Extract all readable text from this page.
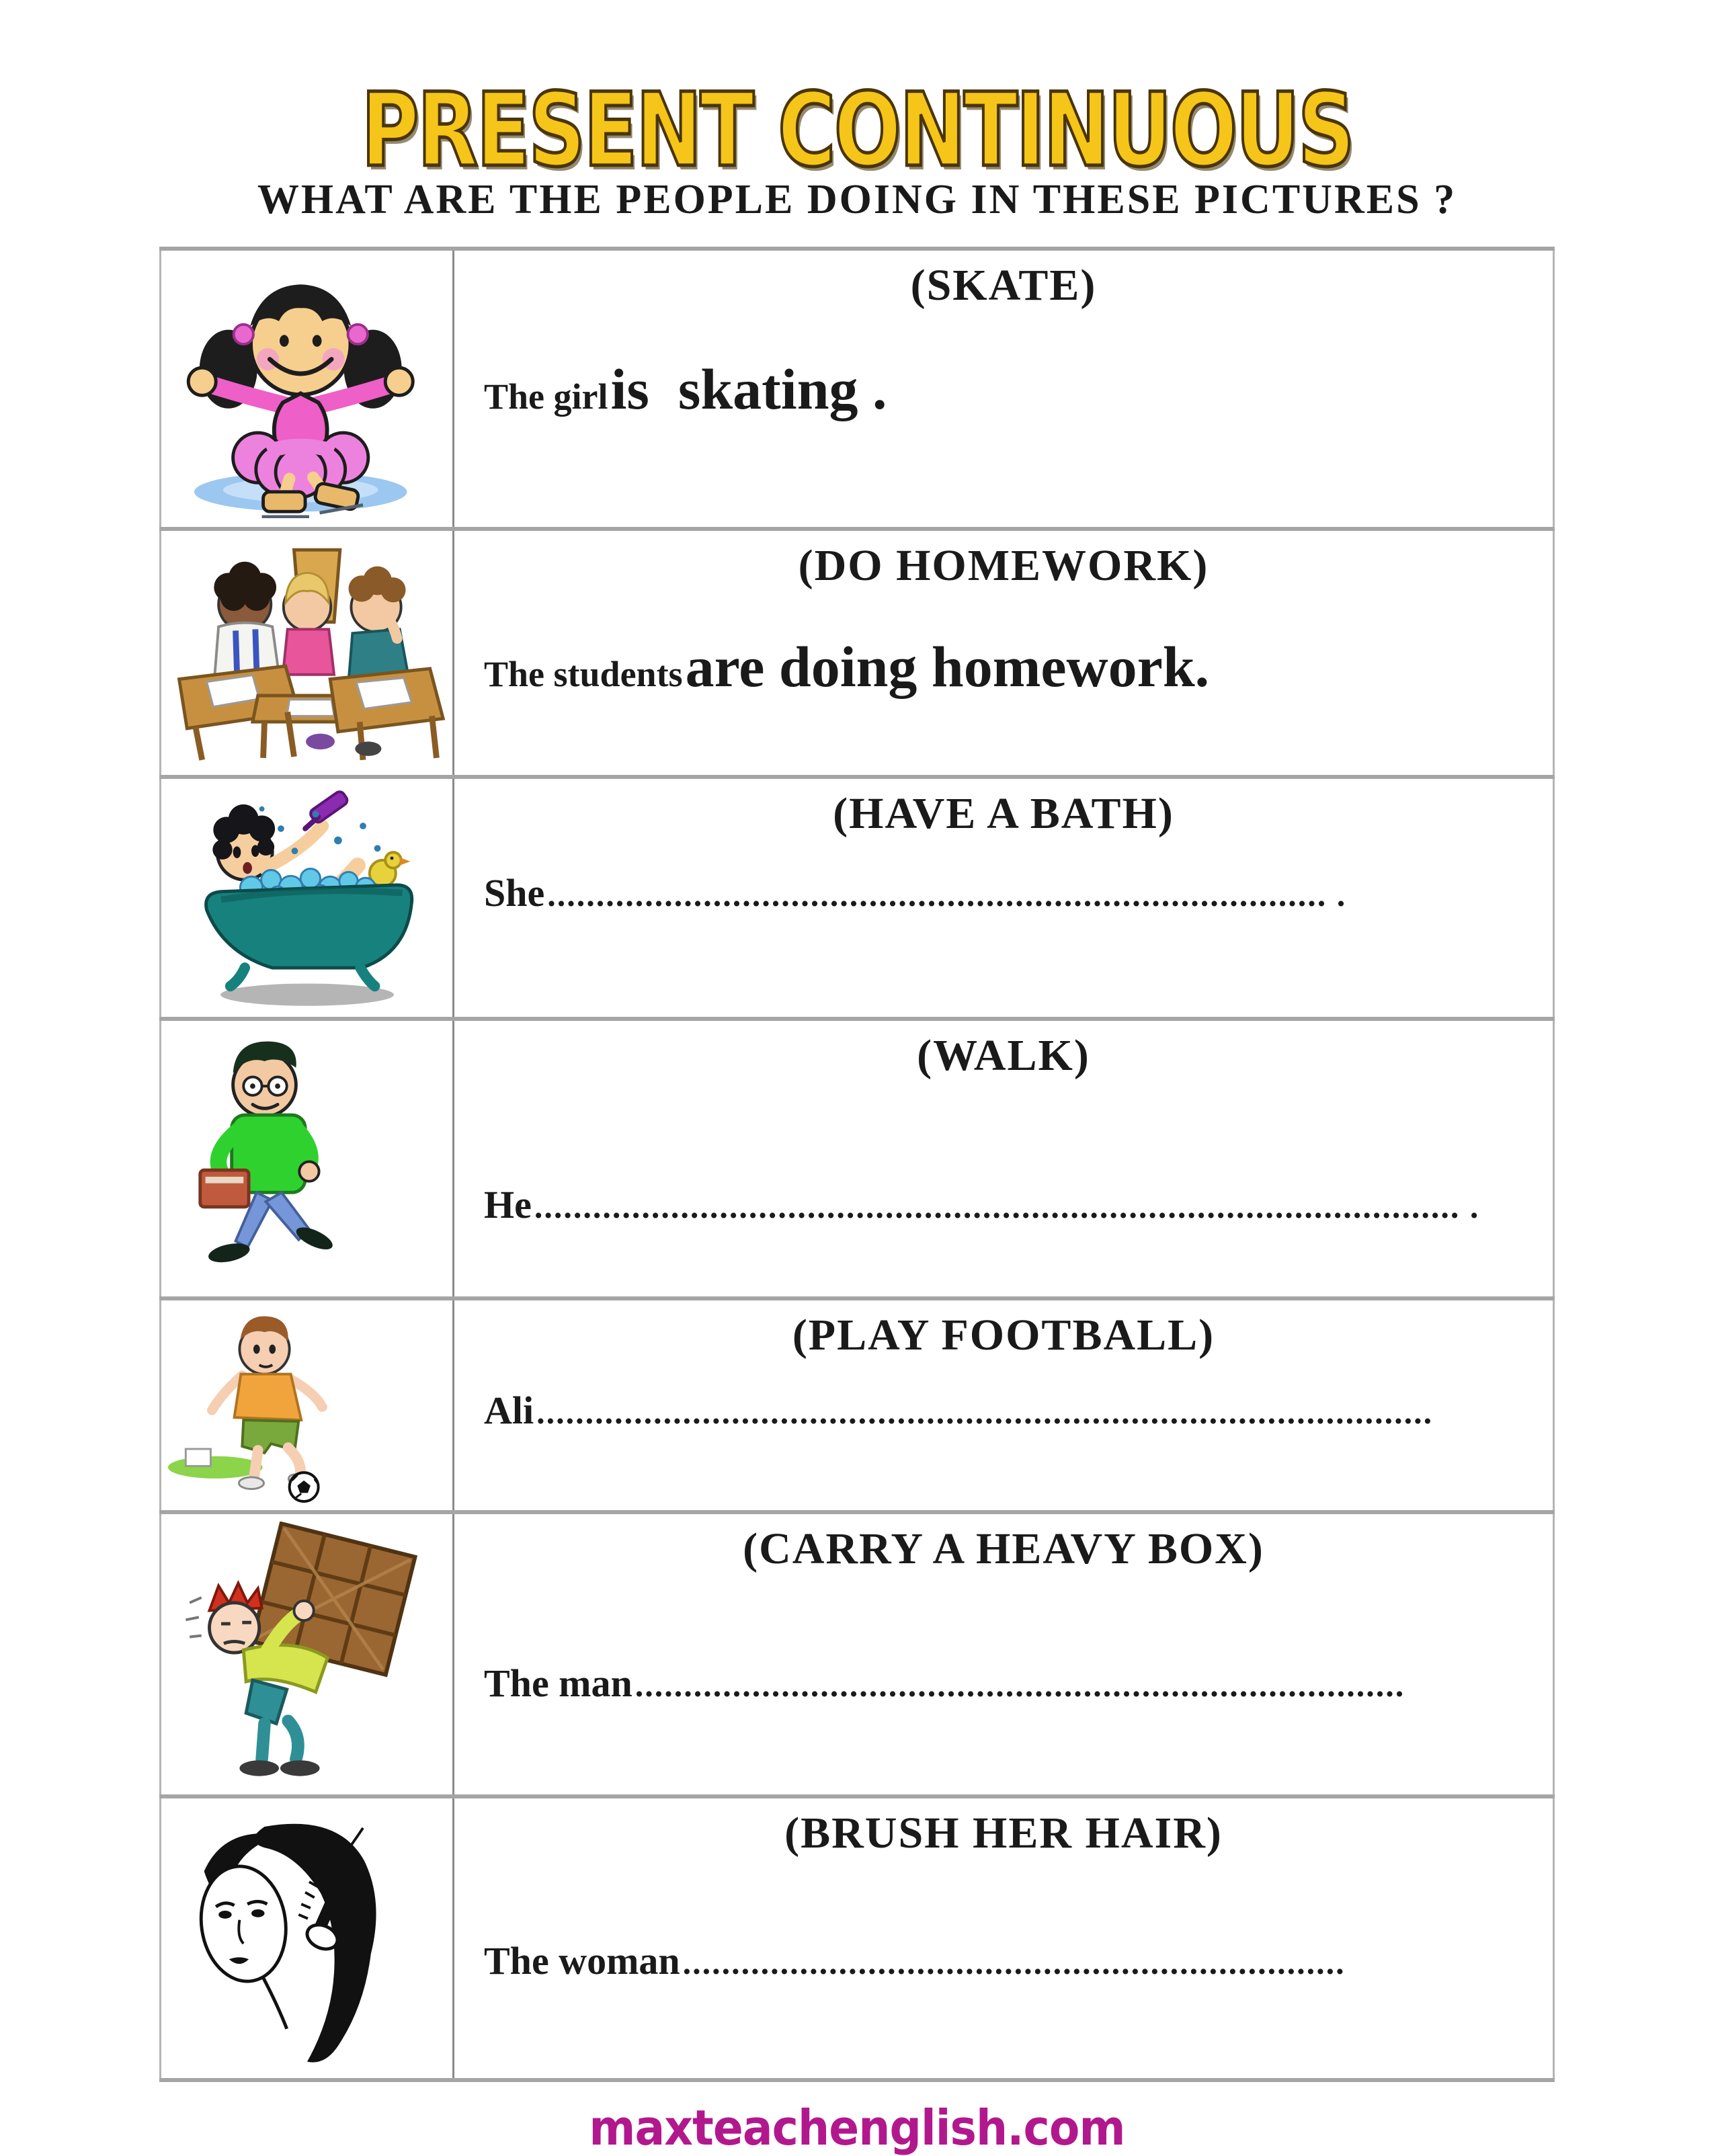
PRESENT CONTINUOUS
WHAT ARE THE PEOPLE DOING IN THESE PICTURES ?

(SKATE)
The girl is  skating .

(DO HOMEWORK)
The students are doing homework.

(HAVE A BATH)
She ................................................................................ .

(WALK)
He ............................................................................................... .

(PLAY FOOTBALL)
Ali ............................................................................................

(CARRY A HEAVY BOX)
The man ...............................................................................

(BRUSH HER HAIR)
The woman ....................................................................
maxteachenglish.com
